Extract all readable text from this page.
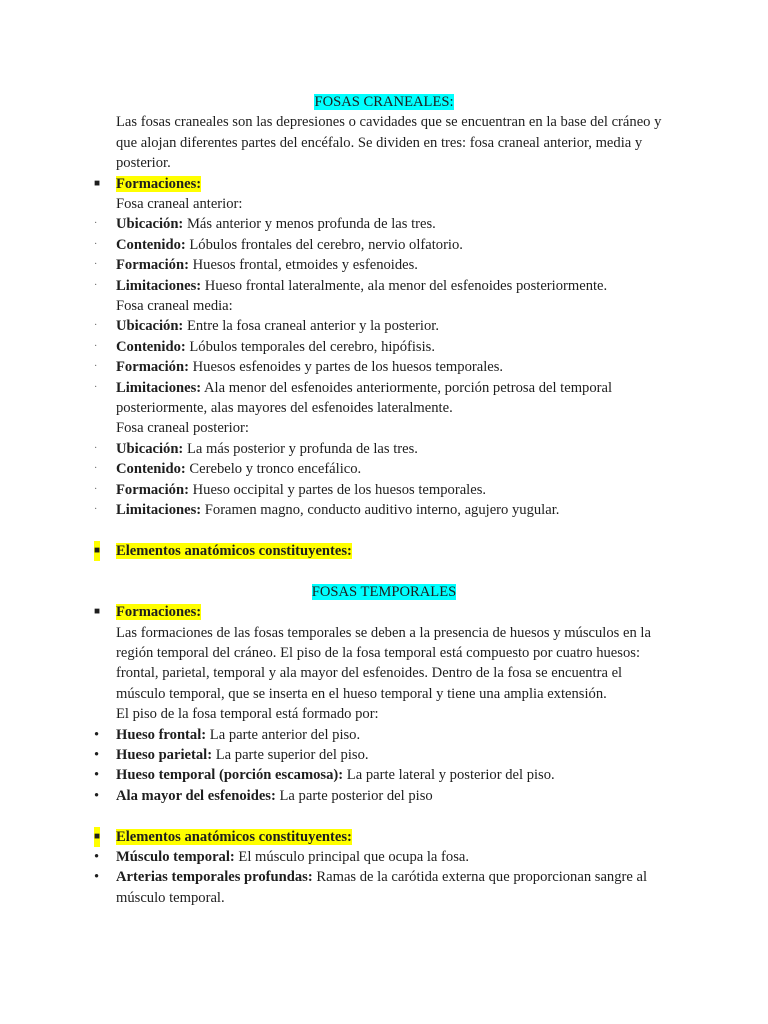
FOSAS CRANEALES:
Las fosas craneales son las depresiones o cavidades que se encuentran en la base del cráneo y que alojan diferentes partes del encéfalo. Se dividen en tres: fosa craneal anterior, media y posterior.
■ Formaciones:
Fosa craneal anterior:
· Ubicación: Más anterior y menos profunda de las tres.
· Contenido: Lóbulos frontales del cerebro, nervio olfatorio.
· Formación: Huesos frontal, etmoides y esfenoides.
· Limitaciones: Hueso frontal lateralmente, ala menor del esfenoides posteriormente.
Fosa craneal media:
· Ubicación: Entre la fosa craneal anterior y la posterior.
· Contenido: Lóbulos temporales del cerebro, hipófisis.
· Formación: Huesos esfenoides y partes de los huesos temporales.
· Limitaciones: Ala menor del esfenoides anteriormente, porción petrosa del temporal posteriormente, alas mayores del esfenoides lateralmente.
Fosa craneal posterior:
· Ubicación: La más posterior y profunda de las tres.
· Contenido: Cerebelo y tronco encefálico.
· Formación: Hueso occipital y partes de los huesos temporales.
· Limitaciones: Foramen magno, conducto auditivo interno, agujero yugular.
■ Elementos anatómicos constituyentes:
FOSAS TEMPORALES
■ Formaciones:
Las formaciones de las fosas temporales se deben a la presencia de huesos y músculos en la región temporal del cráneo. El piso de la fosa temporal está compuesto por cuatro huesos: frontal, parietal, temporal y ala mayor del esfenoides. Dentro de la fosa se encuentra el músculo temporal, que se inserta en el hueso temporal y tiene una amplia extensión.
El piso de la fosa temporal está formado por:
• Hueso frontal: La parte anterior del piso.
• Hueso parietal: La parte superior del piso.
• Hueso temporal (porción escamosa): La parte lateral y posterior del piso.
• Ala mayor del esfenoides: La parte posterior del piso
■ Elementos anatómicos constituyentes:
• Músculo temporal: El músculo principal que ocupa la fosa.
• Arterias temporales profundas: Ramas de la carótida externa que proporcionan sangre al músculo temporal.
